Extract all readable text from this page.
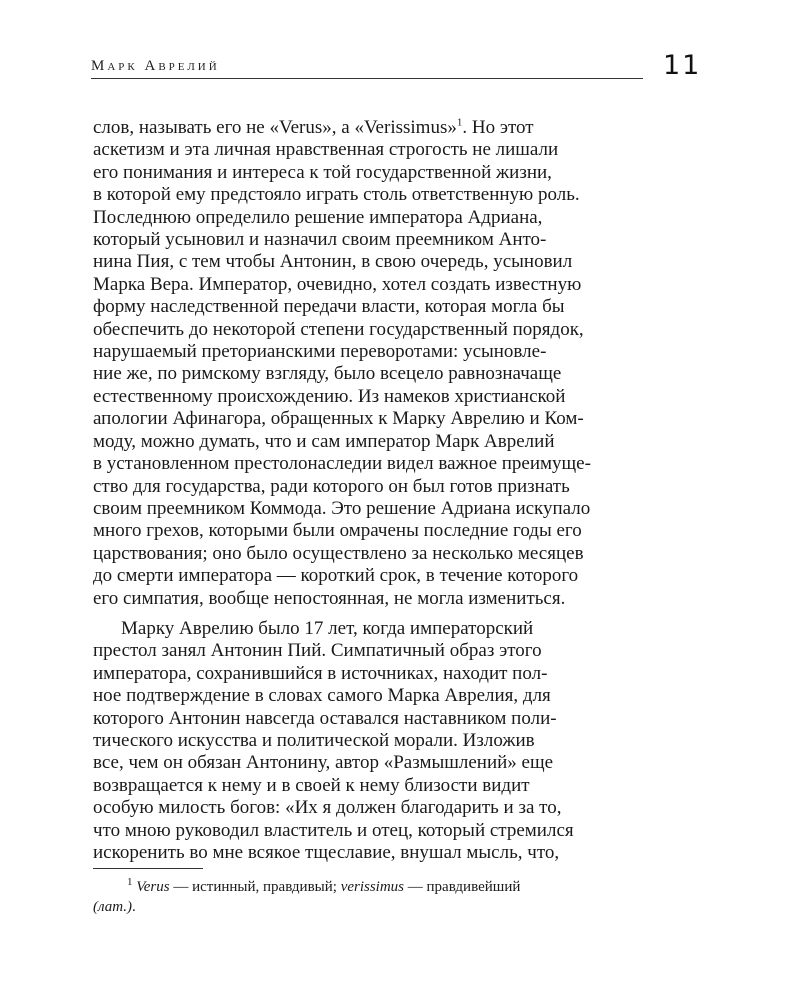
Марк Аврелий	11
слов, называть его не «Verus», а «Verissimus»$^1$. Но этот
аскетизм и эта личная нравственная строгость не лишали
его понимания и интереса к той государственной жизни,
в которой ему предстояло играть столь ответственную роль.
Последнюю определило решение императора Адриана,
который усыновил и назначил своим преемником Анто-
нина Пия, с тем чтобы Антонин, в свою очередь, усыновил
Марка Вера. Император, очевидно, хотел создать известную
форму наследственной передачи власти, которая могла бы
обеспечить до некоторой степени государственный порядок,
нарушаемый преторианскими переворотами: усыновле-
ние же, по римскому взгляду, было всецело равнозначаще
естественному происхождению. Из намеков христианской
апологии Афинагора, обращенных к Марку Аврелию и Ком-
моду, можно думать, что и сам император Марк Аврелий
в установленном престолонаследии видел важное преимуще-
ство для государства, ради которого он был готов признать
своим преемником Коммода. Это решение Адриана искупало
много грехов, которыми были омрачены последние годы его
царствования; оно было осуществлено за несколько месяцев
до смерти императора — короткий срок, в течение которого
его симпатия, вообще непостоянная, не могла измениться.
Марку Аврелию было 17 лет, когда императорский
престол занял Антонин Пий. Симпатичный образ этого
императора, сохранившийся в источниках, находит пол-
ное подтверждение в словах самого Марка Аврелия, для
которого Антонин навсегда оставался наставником поли-
тического искусства и политической морали. Изложив
все, чем он обязан Антонину, автор «Размышлений» еще
возвращается к нему и в своей к нему близости видит
особую милость богов: «Их я должен благодарить и за то,
что мною руководил властитель и отец, который стремился
искоренить во мне всякое тщеславие, внушал мысль, что,
$^1$ Verus — истинный, правдивый; verissimus — правдивейший
(лат.).
